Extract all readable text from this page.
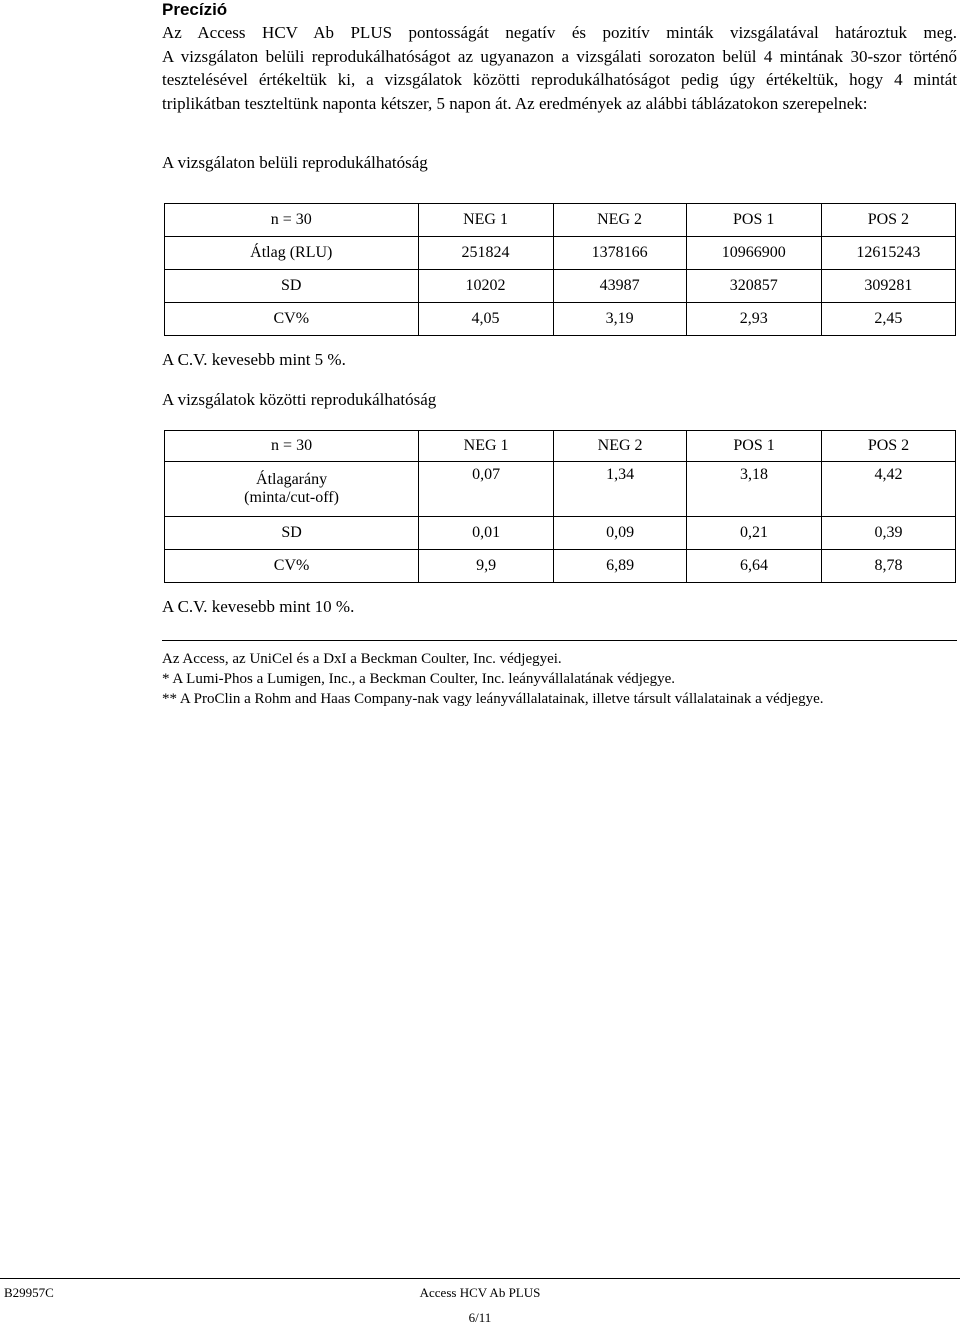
Precízió
Az Access HCV Ab PLUS pontosságát negatív és pozitív minták vizsgálatával határoztuk meg.
A vizsgálaton belüli reprodukálhatóságot az ugyanazon a vizsgálati sorozaton belül 4 mintának 30-szor történő tesztelésével értékeltük ki, a vizsgálatok közötti reprodukálhatóságot pedig úgy értékeltük, hogy 4 mintát triplikátban teszteltünk naponta kétszer, 5 napon át. Az eredmények az alábbi táblázatokon szerepelnek:
A vizsgálaton belüli reprodukálhatóság
n = 30	NEG 1	NEG 2	POS 1	POS 2
Átlag (RLU)	251824	1378166	10966900	12615243
SD	10202	43987	320857	309281
CV%	4,05	3,19	2,93	2,45
A C.V. kevesebb mint 5 %.
A vizsgálatok közötti reprodukálhatóság
n = 30	NEG 1	NEG 2	POS 1	POS 2

Átlagarány
(minta/cut-off)	0,07	1,34	3,18	4,42
SD	0,01	0,09	0,21	0,39
CV%	9,9	6,89	6,64	8,78
A C.V. kevesebb mint 10 %.
Az Access, az UniCel és a DxI a Beckman Coulter, Inc. védjegyei.
* A Lumi-Phos a Lumigen, Inc., a Beckman Coulter, Inc. leányvállalatának védjegye.
** A ProClin a Rohm and Haas Company-nak vagy leányvállalatainak, illetve társult vállalatainak a védjegye.
B29957C	Access HCV Ab PLUS
6/11
